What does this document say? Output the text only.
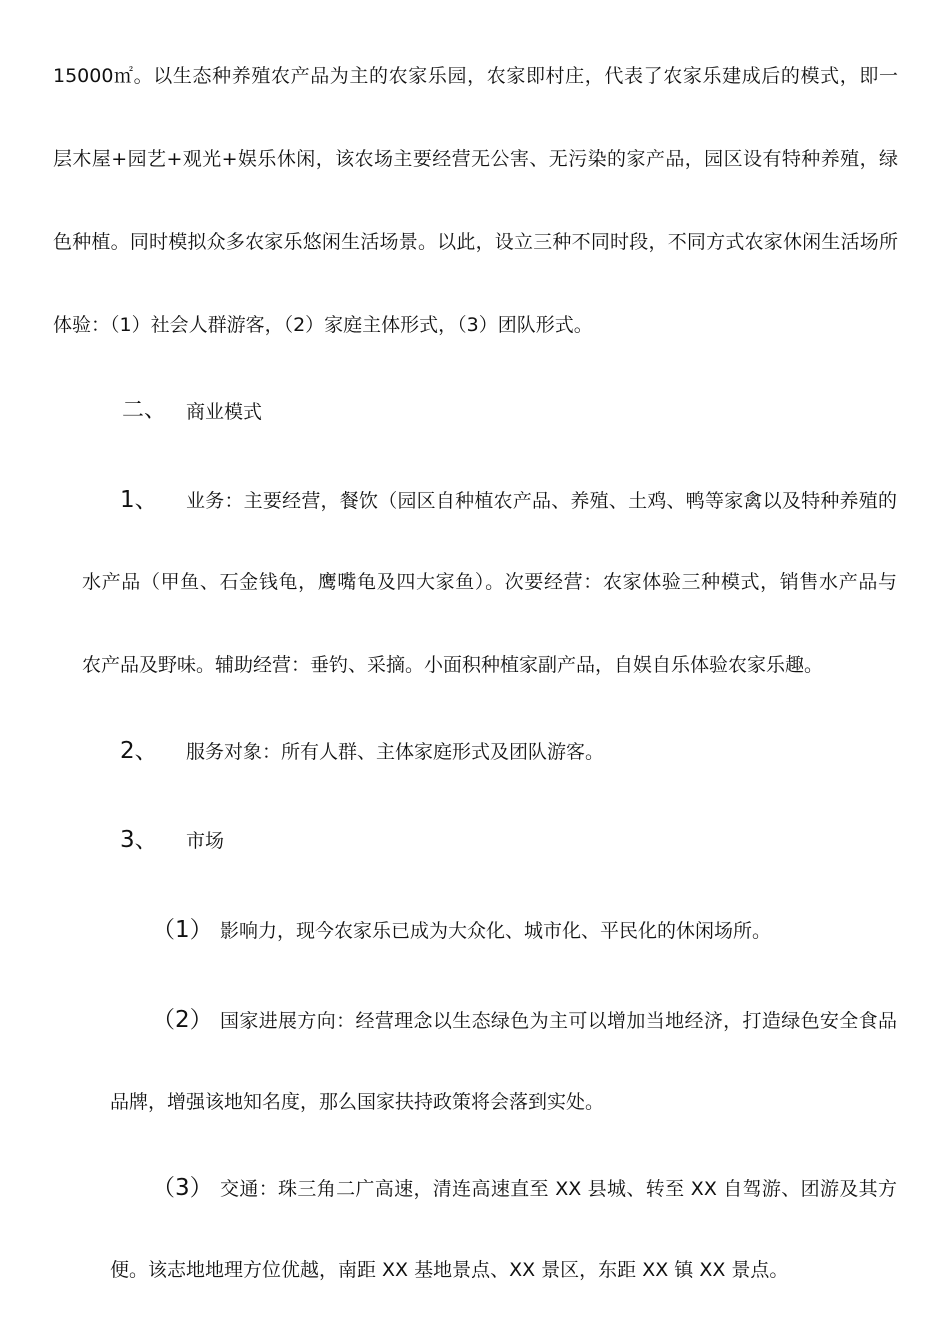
15000㎡。以生态种养殖农产品为主的农家乐园，农家即村庄，代表了农家乐建成后的模式，即一
层木屋+园艺+观光+娱乐休闲，该农场主要经营无公害、无污染的家产品，园区设有特种养殖，绿
色种植。同时模拟众多农家乐悠闲生活场景。以此，设立三种不同时段，不同方式农家休闲生活场所
体验：（1）社会人群游客，（2）家庭主体形式，（3）团队形式。
二、 商业模式
1、 业务：主要经营，餐饮（园区自种植农产品、养殖、土鸡、鸭等家禽以及特种养殖的
水产品（甲鱼、石金钱龟，鹰嘴龟及四大家鱼）。次要经营：农家体验三种模式，销售水产品与
农产品及野味。辅助经营：垂钓、采摘。小面积种植家副产品，自娱自乐体验农家乐趣。
2、 服务对象：所有人群、主体家庭形式及团队游客。
3、 市场
（1） 影响力，现今农家乐已成为大众化、城市化、平民化的休闲场所。
（2） 国家进展方向：经营理念以生态绿色为主可以增加当地经济，打造绿色安全食品
品牌，增强该地知名度，那么国家扶持政策将会落到实处。
（3） 交通：珠三角二广高速，清连高速直至 XX 县城、转至 XX 自驾游、团游及其方
便。该志地地理方位优越，南距 XX 基地景点、XX 景区，东距 XX 镇 XX 景点。
